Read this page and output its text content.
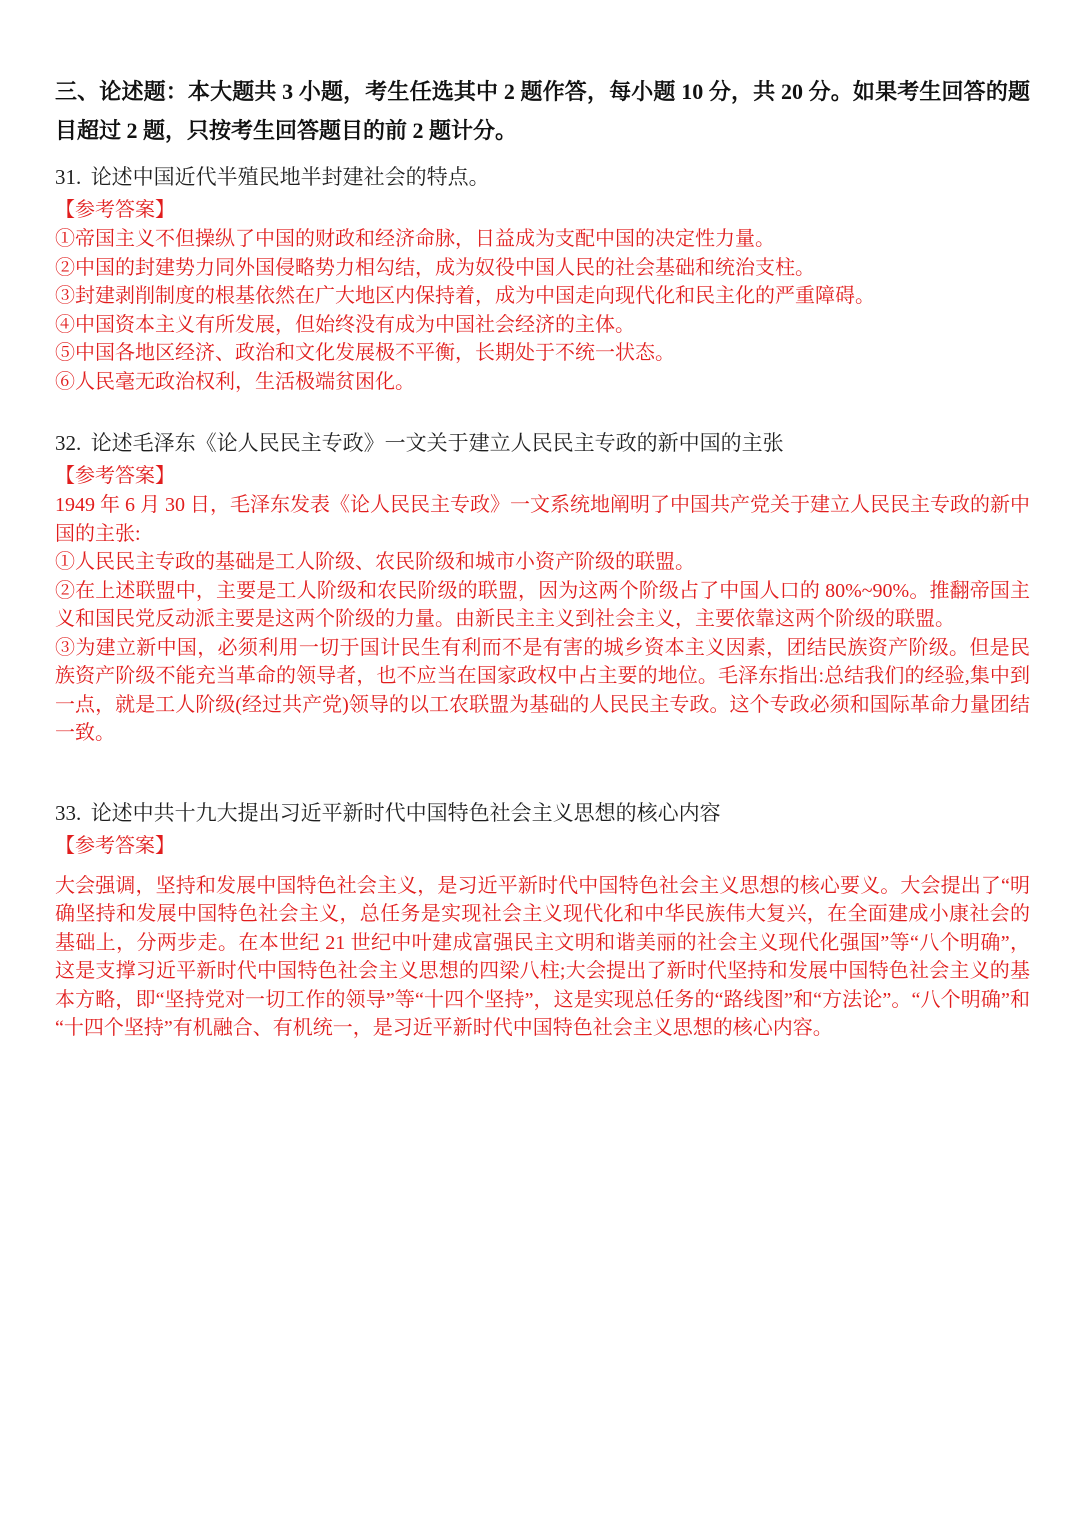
三、论述题：本大题共 3 小题，考生任选其中 2 题作答，每小题 10 分，共 20 分。如果考生回答的题目超过 2 题，只按考生回答题目的前 2 题计分。
31. 论述中国近代半殖民地半封建社会的特点。
【参考答案】

①帝国主义不但操纵了中国的财政和经济命脉，日益成为支配中国的决定性力量。

②中国的封建势力同外国侵略势力相勾结，成为奴役中国人民的社会基础和统治支柱。

③封建剥削制度的根基依然在广大地区内保持着，成为中国走向现代化和民主化的严重障碍。

④中国资本主义有所发展，但始终没有成为中国社会经济的主体。

⑤中国各地区经济、政治和文化发展极不平衡，长期处于不统一状态。

⑥人民毫无政治权利，生活极端贫困化。

32. 论述毛泽东《论人民民主专政》一文关于建立人民民主专政的新中国的主张
【参考答案】

1949 年 6 月 30 日，毛泽东发表《论人民民主专政》一文系统地阐明了中国共产党关于建立人民民主专政的新中国的主张:

①人民民主专政的基础是工人阶级、农民阶级和城市小资产阶级的联盟。

②在上述联盟中，主要是工人阶级和农民阶级的联盟，因为这两个阶级占了中国人口的 80%~90%。推翻帝国主义和国民党反动派主要是这两个阶级的力量。由新民主主义到社会主义，主要依靠这两个阶级的联盟。

③为建立新中国，必须利用一切于国计民生有利而不是有害的城乡资本主义因素，团结民族资产阶级。但是民族资产阶级不能充当革命的领导者，也不应当在国家政权中占主要的地位。毛泽东指出:总结我们的经验,集中到一点，就是工人阶级(经过共产党)领导的以工农联盟为基础的人民民主专政。这个专政必须和国际革命力量团结一致。

33. 论述中共十九大提出习近平新时代中国特色社会主义思想的核心内容
【参考答案】

大会强调，坚持和发展中国特色社会主义，是习近平新时代中国特色社会主义思想的核心要义。大会提出了“明确坚持和发展中国特色社会主义，总任务是实现社会主义现代化和中华民族伟大复兴，在全面建成小康社会的基础上，分两步走。在本世纪 21 世纪中叶建成富强民主文明和谐美丽的社会主义现代化强国”等“八个明确”，这是支撑习近平新时代中国特色社会主义思想的四梁八柱;大会提出了新时代坚持和发展中国特色社会主义的基本方略，即“坚持党对一切工作的领导”等“十四个坚持”，这是实现总任务的“路线图”和“方法论”。“八个明确”和“十四个坚持”有机融合、有机统一，是习近平新时代中国特色社会主义思想的核心内容。
